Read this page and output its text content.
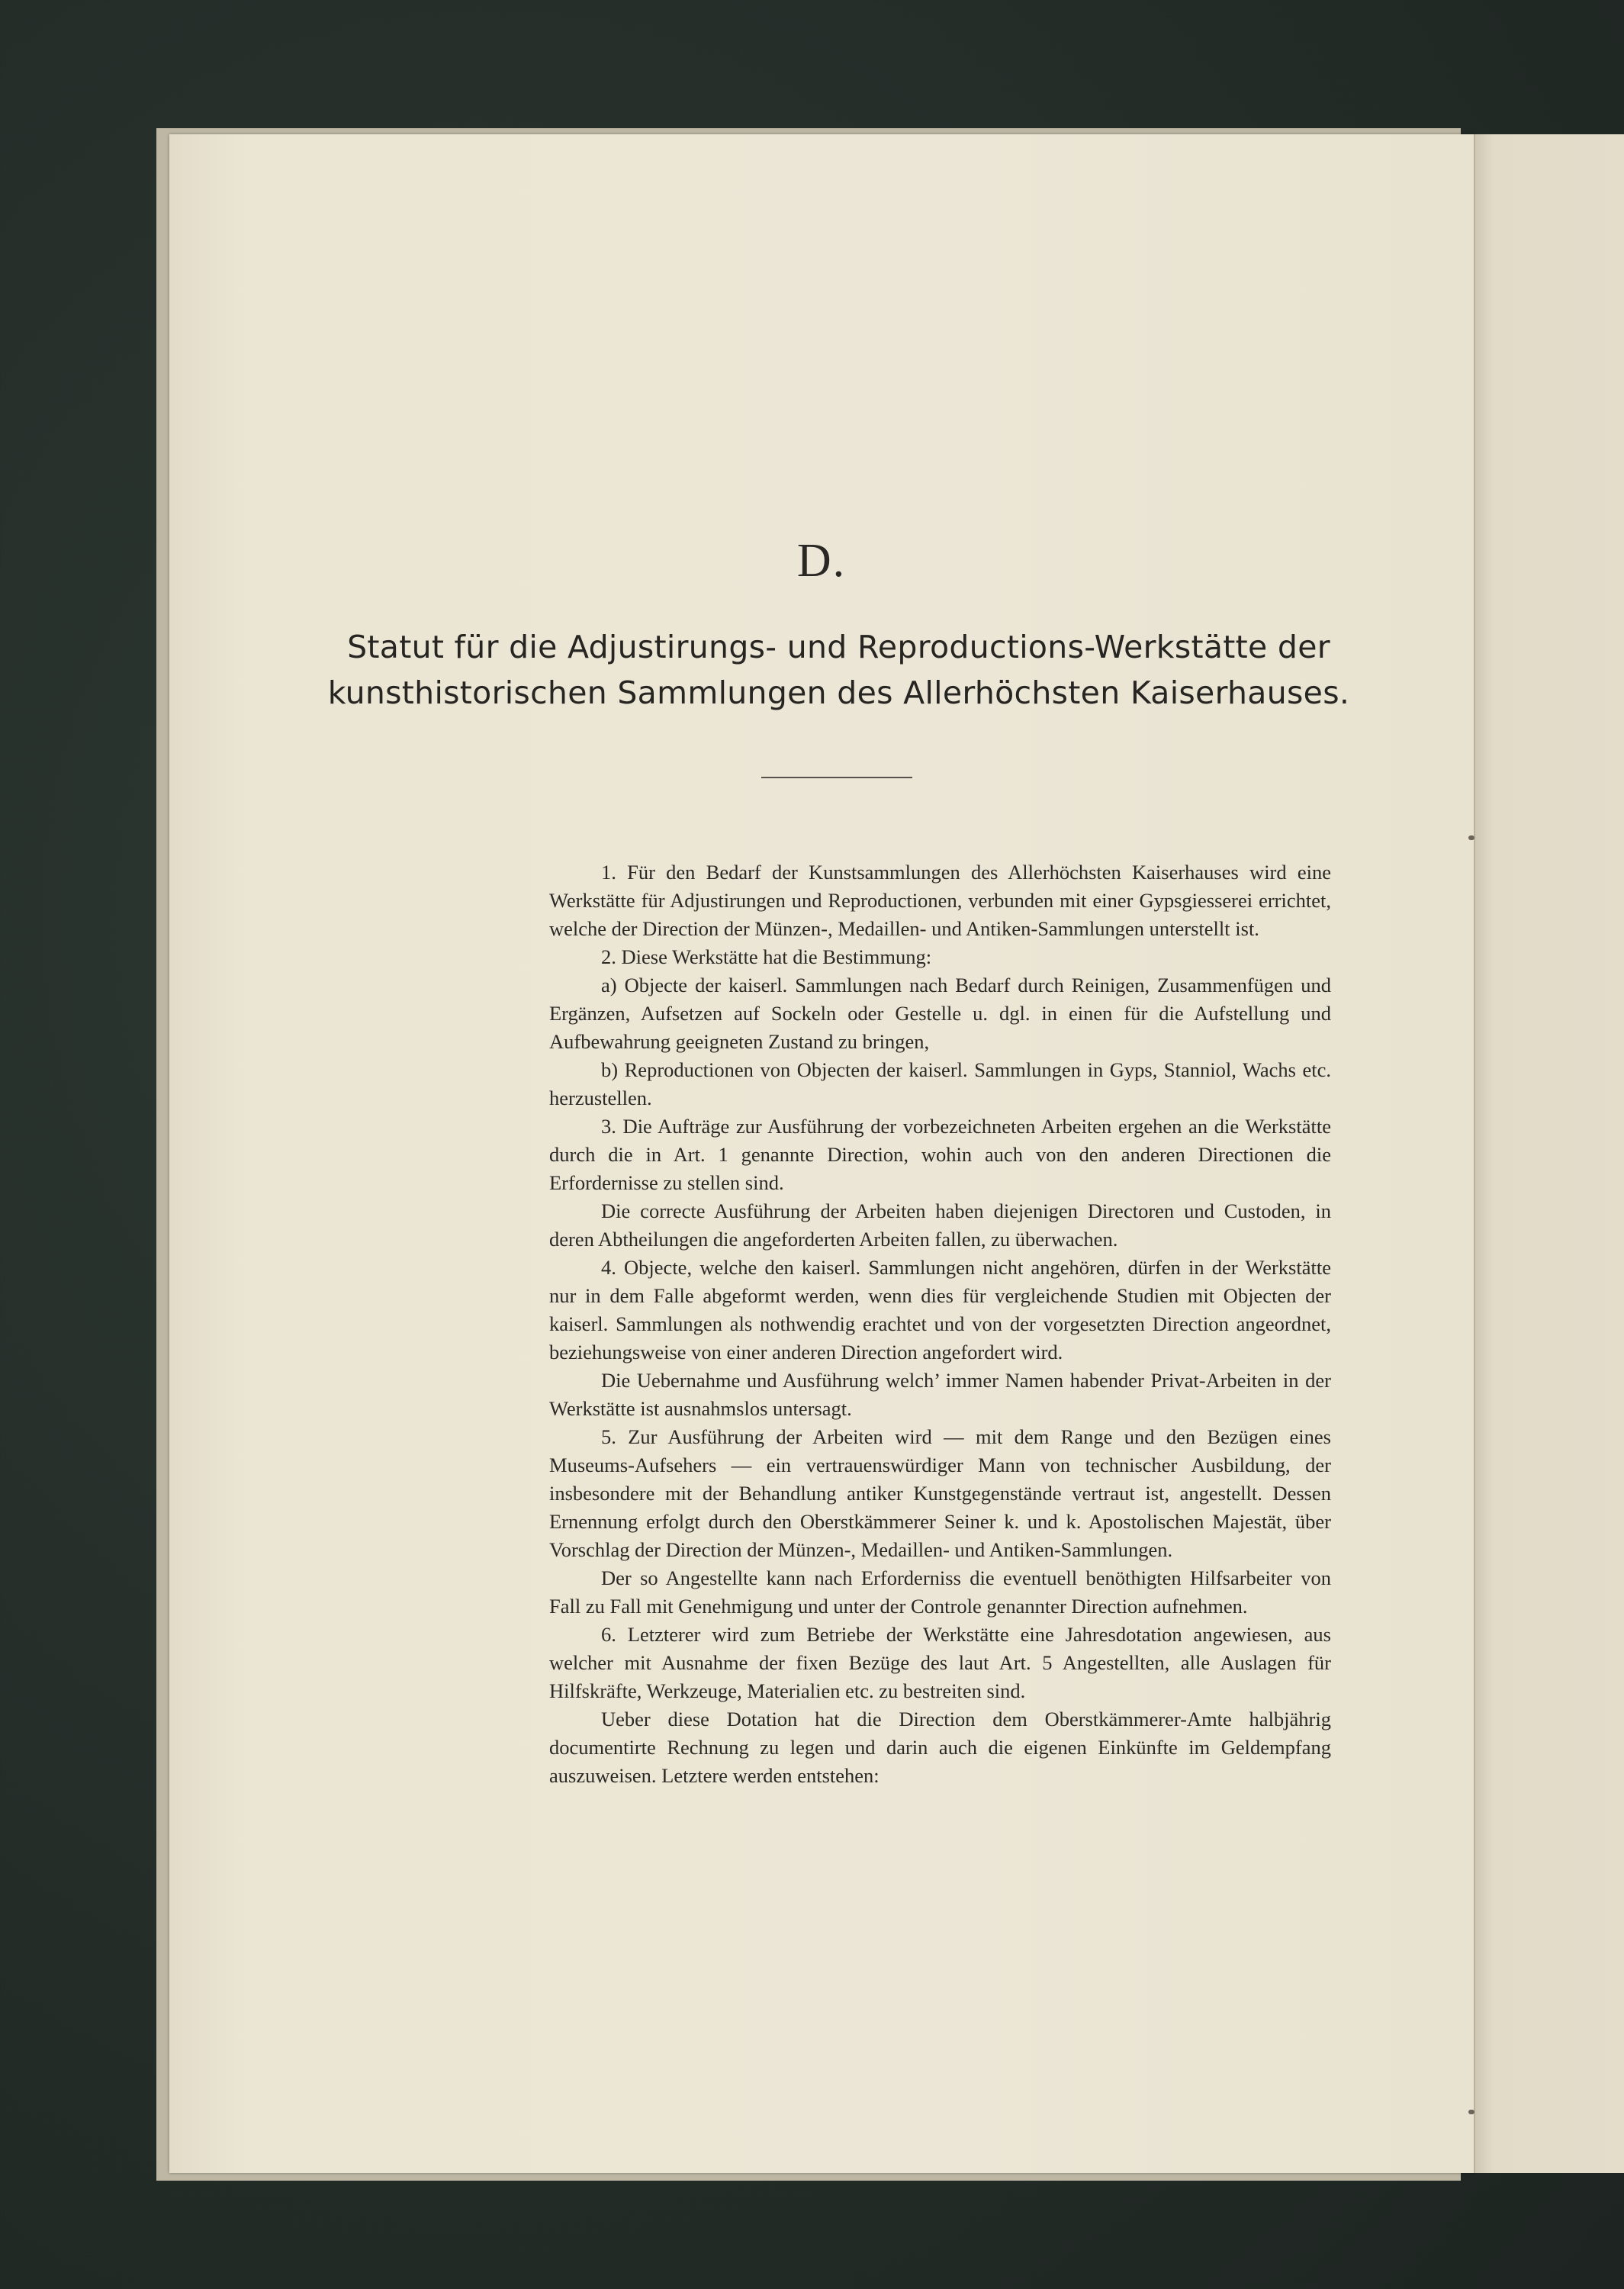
D.
Statut für die Adjustirungs- und Reproductions-Werkstätte der
kunsthistorischen Sammlungen des Allerhöchsten Kaiserhauses.

1. Für den Bedarf der Kunstsammlungen des Allerhöchsten Kaiserhauses wird eine Werkstätte für Adjustirungen und Reproductionen, verbunden mit einer Gypsgiesserei errichtet, welche der Direction der Münzen-, Medaillen- und Antiken-Sammlungen unterstellt ist.

2. Diese Werkstätte hat die Bestimmung:

a) Objecte der kaiserl. Sammlungen nach Bedarf durch Reinigen, Zusammenfügen und Ergänzen, Aufsetzen auf Sockeln oder Gestelle u. dgl. in einen für die Aufstellung und Aufbewahrung geeigneten Zustand zu bringen,

b) Reproductionen von Objecten der kaiserl. Sammlungen in Gyps, Stanniol, Wachs etc. herzustellen.

3. Die Aufträge zur Ausführung der vorbezeichneten Arbeiten ergehen an die Werkstätte durch die in Art. 1 genannte Direction, wohin auch von den anderen Directionen die Erfordernisse zu stellen sind.

Die correcte Ausführung der Arbeiten haben diejenigen Directoren und Custoden, in deren Abtheilungen die angeforderten Arbeiten fallen, zu überwachen.

4. Objecte, welche den kaiserl. Sammlungen nicht angehören, dürfen in der Werkstätte nur in dem Falle abgeformt werden, wenn dies für vergleichende Studien mit Objecten der kaiserl. Sammlungen als nothwendig erachtet und von der vorgesetzten Direction angeordnet, beziehungsweise von einer anderen Direction angefordert wird.

Die Uebernahme und Ausführung welch’ immer Namen habender Privat-Arbeiten in der Werkstätte ist ausnahmslos untersagt.

5. Zur Ausführung der Arbeiten wird — mit dem Range und den Bezügen eines Museums-Aufsehers — ein vertrauenswürdiger Mann von technischer Ausbildung, der insbesondere mit der Behandlung antiker Kunstgegenstände vertraut ist, angestellt. Dessen Ernennung erfolgt durch den Oberstkämmerer Seiner k. und k. Apostolischen Majestät, über Vorschlag der Direction der Münzen-, Medaillen- und Antiken-Sammlungen.

Der so Angestellte kann nach Erforderniss die eventuell benöthigten Hilfsarbeiter von Fall zu Fall mit Genehmigung und unter der Controle genannter Direction aufnehmen.

6. Letzterer wird zum Betriebe der Werkstätte eine Jahresdotation angewiesen, aus welcher mit Ausnahme der fixen Bezüge des laut Art. 5 Angestellten, alle Auslagen für Hilfskräfte, Werkzeuge, Materialien etc. zu bestreiten sind.

Ueber diese Dotation hat die Direction dem Oberstkämmerer-Amte halbjährig documentirte Rechnung zu legen und darin auch die eigenen Einkünfte im Geldempfang auszuweisen. Letztere werden entstehen:
